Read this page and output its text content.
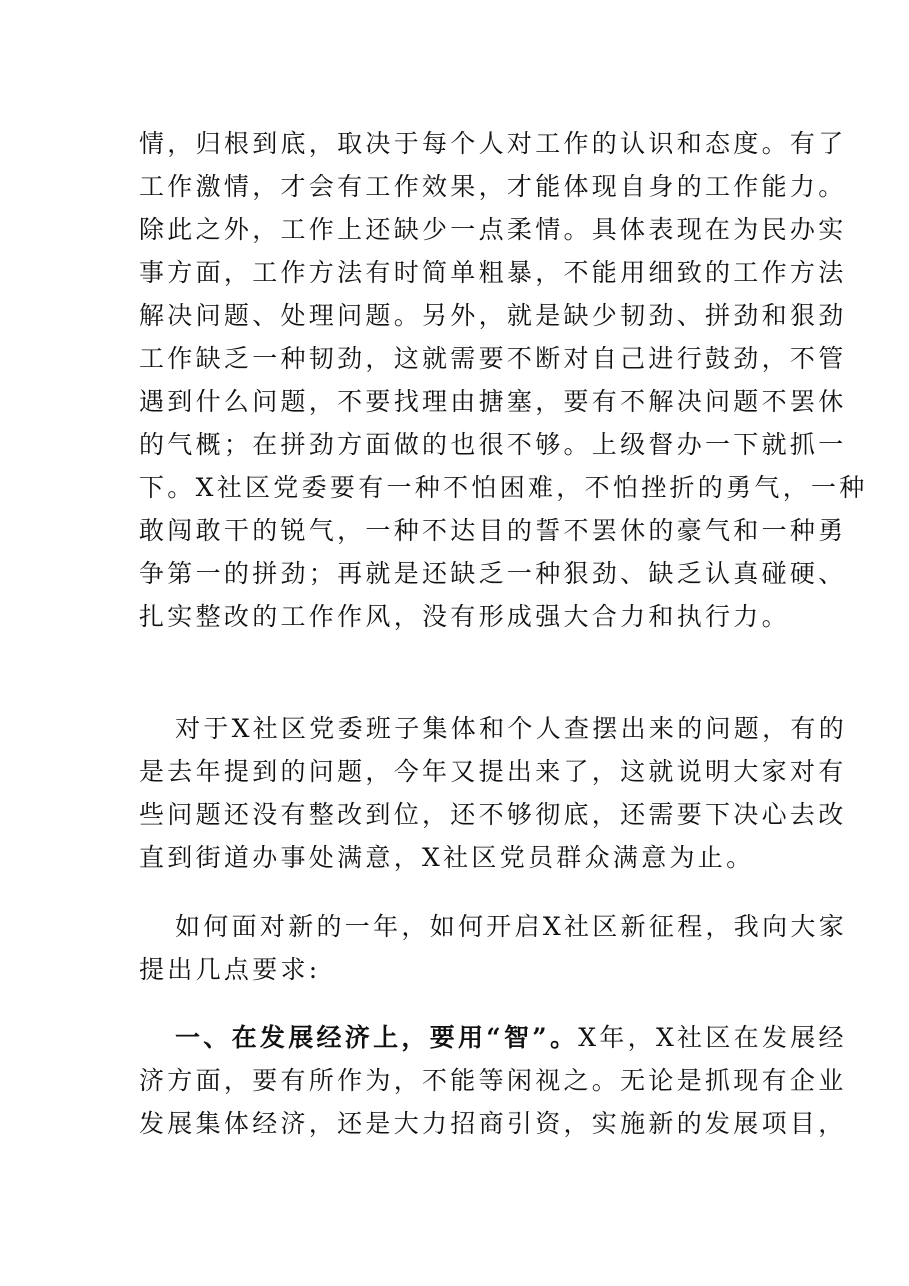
情，归根到底，取决于每个人对工作的认识和态度。有了
工作激情，才会有工作效果，才能体现自身的工作能力。
除此之外，工作上还缺少一点柔情。具体表现在为民办实
事方面，工作方法有时简单粗暴，不能用细致的工作方法
解决问题、处理问题。另外，就是缺少韧劲、拼劲和狠劲
工作缺乏一种韧劲，这就需要不断对自己进行鼓劲，不管
遇到什么问题，不要找理由搪塞，要有不解决问题不罢休
的气概；在拼劲方面做的也很不够。上级督办一下就抓一
下。X社区党委要有一种不怕困难，不怕挫折的勇气，一种
敢闯敢干的锐气，一种不达目的誓不罢休的豪气和一种勇
争第一的拼劲；再就是还缺乏一种狠劲、缺乏认真碰硬、
扎实整改的工作作风，没有形成强大合力和执行力。
对于X社区党委班子集体和个人查摆出来的问题，有的
是去年提到的问题，今年又提出来了，这就说明大家对有
些问题还没有整改到位，还不够彻底，还需要下决心去改
直到街道办事处满意，X社区党员群众满意为止。
如何面对新的一年，如何开启X社区新征程，我向大家
提出几点要求:
一、在发展经济上，要用“智”。X年，X社区在发展经
济方面，要有所作为，不能等闲视之。无论是抓现有企业
发展集体经济，还是大力招商引资，实施新的发展项目，
